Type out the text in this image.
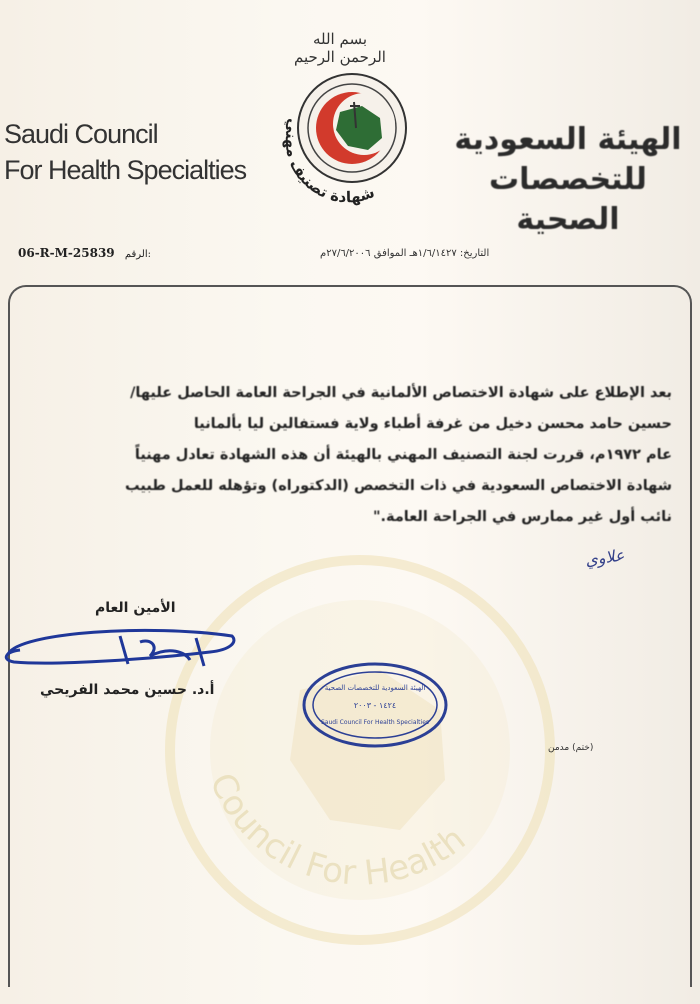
بسم الله الرحمن الرحيم
Saudi Council
For Health Specialties
الهيئة السعودية
للتخصصات الصحية
شهادة تصنيف مهني
06-R-M-25839 الرقم:	التاريخ: ١/٦/١٤٢٧هـ الموافق ٢٧/٦/٢٠٠٦م
Council For Health
بعد الإطلاع على شهادة الاختصاص الألمانية في الجراحة العامة الحاصل عليها/
حسين حامد محسن دخيل من غرفة أطباء ولاية فستفالين ليا بألمانيا
عام ١٩٧٢م، قررت لجنة التصنيف المهني بالهيئة أن هذه الشهادة تعادل مهنياً
شهادة الاختصاص السعودية في ذات التخصص (الدكتوراه) وتؤهله للعمل طبيب
نائب أول غير ممارس في الجراحة العامة."
علاوي
الأمين العام
أ.د. حسين محمد الفريحي	الهيئة السعودية للتخصصات الصحية
١٤٢٤ - ٢٠٠٣
Saudi Council For Health Specialties
(ختم) مدمن
